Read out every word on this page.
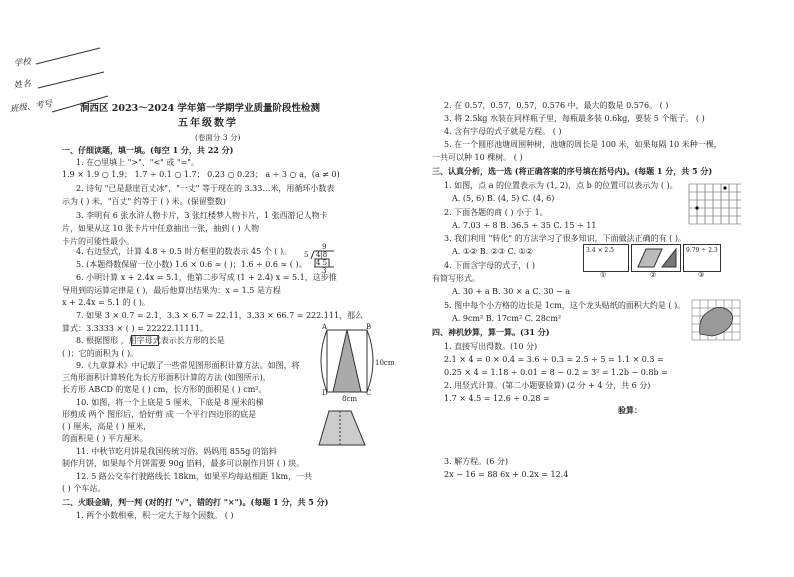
学校
姓名
班级、考号	涧西区 2023～2024 学年第一学期学业质量阶段性检测
五年级数学
(卷面分 3 分)
一、仔细读题，填一填。(每空 1 分，共 22 分)
1. 在○里填上 ">"、"<" 或 "="。
1.9 × 1.9 ○ 1.9； 1.7 ÷ 0.1 ○ 1.7； 0.23 ○ 0.23； a ÷ 3 ○ a，(a ≠ 0)
2. 诗句 "已是悬崖百丈冰"，"一丈" 等于现在的 3.33…米，用循环小数表
示为 ( ) 米，"百丈" 约等于 ( ) 米。(保留整数)
3. 李明有 6 张水浒人物卡片，3 张红楼梦人物卡片，1 张西游记人物卡
片，如果从这 10 张卡片中任意抽出一张，抽到 ( ) 人物
卡片的可能性最小。
4. 右边竖式，计算 4.8 ÷ 0.5 时方框里的数表示 45 个 ( )。
5. (本题得数保留一位小数) 1.6 × 0.6 ≈ ( )；1.6 ÷ 0.6 ≈ ( )。
6. 小明计算 x + 2.4x = 5.1，他第二步写成 (1 + 2.4) x = 5.1，这步推
导用到的运算定律是 ( )，最后他算出结果为：x = 1.5 是方程
x + 2.4x = 5.1 的 ( )。
7. 如果 3 × 0.7 = 2.1，3.3 × 6.7 = 22.11，3.33 × 66.7 = 222.111，那么
算式：3.3333 × ( ) = 22222.11111。
8. 根据图形 ，用字母式表示长方形的长是
( )；它的面积为 ( )。
9.《九章算术》中记载了一些常见图形面积计算方法。如图，将
三角形面积计算转化为长方形面积计算的方法 (如图所示)，
长方形 ABCD 的宽是 ( ) cm，长方形的面积是 ( ) cm²。
10. 如图，将一个上底是 5 厘米，下底是 8 厘米的梯
形剪成 两个 图形后，恰好剪 成 一个平行四边形的底是
( ) 厘米，高是 ( ) 厘米，
的面积是 ( ) 平方厘米。
11. 中秋节吃月饼是我国传统习俗。妈妈用 855g 的馅料
制作月饼，如果每个月饼需要 90g 馅料，最多可以制作月饼 ( ) 块。
12. 5 路公交车行驶路线长 18km，如果平均每站相距 1km，一共
( ) 个车站。
二、火眼金睛，判一判 (对的打 "√"，错的打 "×")。(每题 1 分，共 5 分)
1. 两个小数相乘，积一定大于每个因数。 ( )
9
4|8
4 5
3
5
A	B
C
D
10cm
8cm
2. 在 0.57，0.57，0.57，0.576 中，最大的数是 0.576。 ( )
3. 将 2.5kg 水装在同样瓶子里，每瓶最多装 0.6kg，要装 5 个瓶子。 ( )
4. 含有字母的式子就是方程。 ( )
5. 在一个圆形池塘周围种树，池塘的周长是 100 米，如果每隔 10 米种一棵，
一共可以种 10 棵树。 ( )
三、认真分析，选一选 (将正确答案的序号填在括号内)。(每题 1 分，共 5 分)
1. 如图，点 a 的位置表示为 (1, 2)，点 b 的位置可以表示为 ( )。
A. (5, 6) B. (4, 5) C. (4, 6)
2. 下面各题的商 ( ) 小于 1。
A. 7.03 ÷ 8 B. 36.5 ÷ 35 C. 15 ÷ 11
3. 我们利用 "转化" 的方法学习了很多知识，下面做法正确的有 ( )。
A. ①② B. ②③ C. ①②	3.4 × 2.5	9.79 ÷ 2.3
①	②	③
4. 下面含字母的式子，( )
有简写形式。
A. 30 + a B. 30 × a C. 30 − a
5. 图中每个小方格的边长是 1cm，这个龙头贴纸的面积大约是 ( )。
A. 9cm² B. 17cm² C. 28cm²
四、神机妙算，算一算。(31 分)
1. 直接写出得数。(10 分)
2.1 × 4 = 0 × 0.4 = 3.6 ÷ 0.3 = 2.5 ÷ 5 = 1.1 × 0.3 =
0.25 × 4 = 1.18 ÷ 0.01 = 8 − 0.2 = 3² = 1.2b − 0.8b =
2. 用竖式计算。(第二小题要验算) (2 分 + 4 分，共 6 分)
1.7 × 4.5 = 12.6 ÷ 0.28 =
验算：
3. 解方程。(6 分)
2x − 16 = 88 6x + 0.2x = 12.4
